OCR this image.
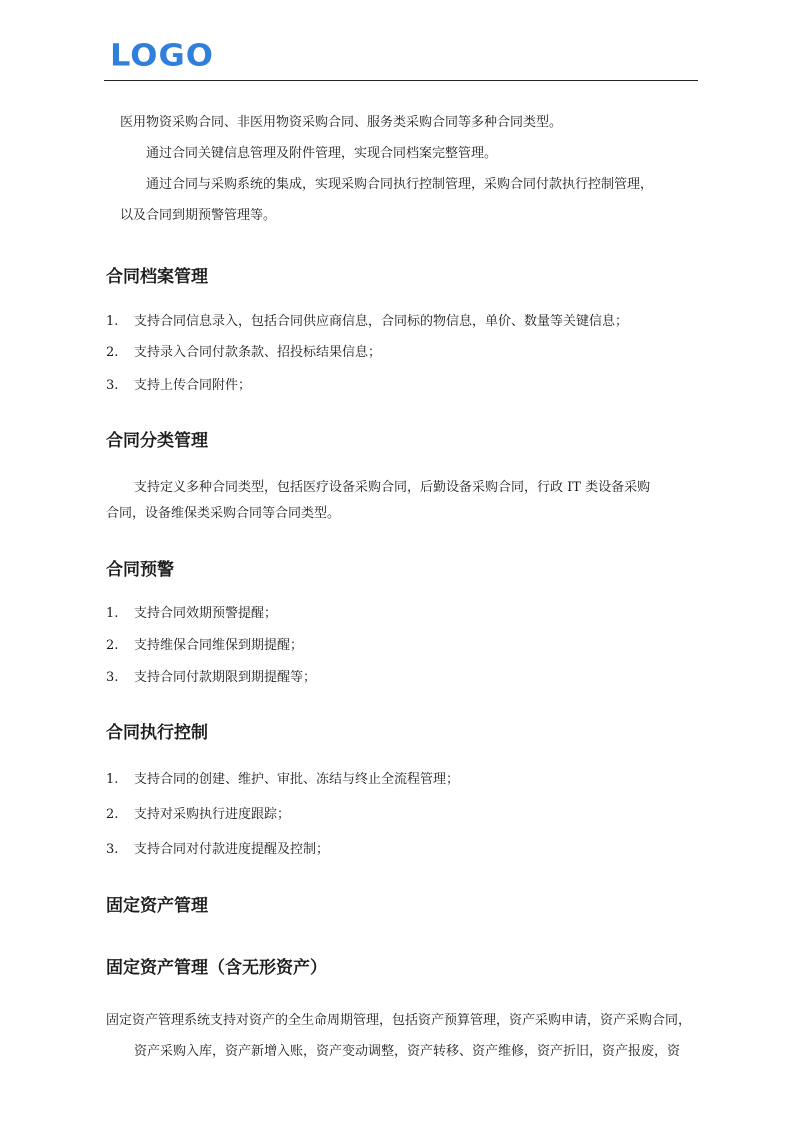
LOGO
医用物资采购合同、非医用物资采购合同、服务类采购合同等多种合同类型。
通过合同关键信息管理及附件管理，实现合同档案完整管理。
通过合同与采购系统的集成，实现采购合同执行控制管理，采购合同付款执行控制管理，
以及合同到期预警管理等。
合同档案管理
1. 支持合同信息录入，包括合同供应商信息，合同标的物信息，单价、数量等关键信息；
2. 支持录入合同付款条款、招投标结果信息；
3. 支持上传合同附件；
合同分类管理
支持定义多种合同类型，包括医疗设备采购合同，后勤设备采购合同，行政 IT 类设备采购
合同，设备维保类采购合同等合同类型。
合同预警
1. 支持合同效期预警提醒；
2. 支持维保合同维保到期提醒；
3. 支持合同付款期限到期提醒等；
合同执行控制
1. 支持合同的创建、维护、审批、冻结与终止全流程管理；
2. 支持对采购执行进度跟踪；
3. 支持合同对付款进度提醒及控制；
固定资产管理
固定资产管理（含无形资产）
固定资产管理系统支持对资产的全生命周期管理，包括资产预算管理，资产采购申请，资产采购合同，
资产采购入库，资产新增入账，资产变动调整，资产转移、资产维修，资产折旧，资产报废，资
